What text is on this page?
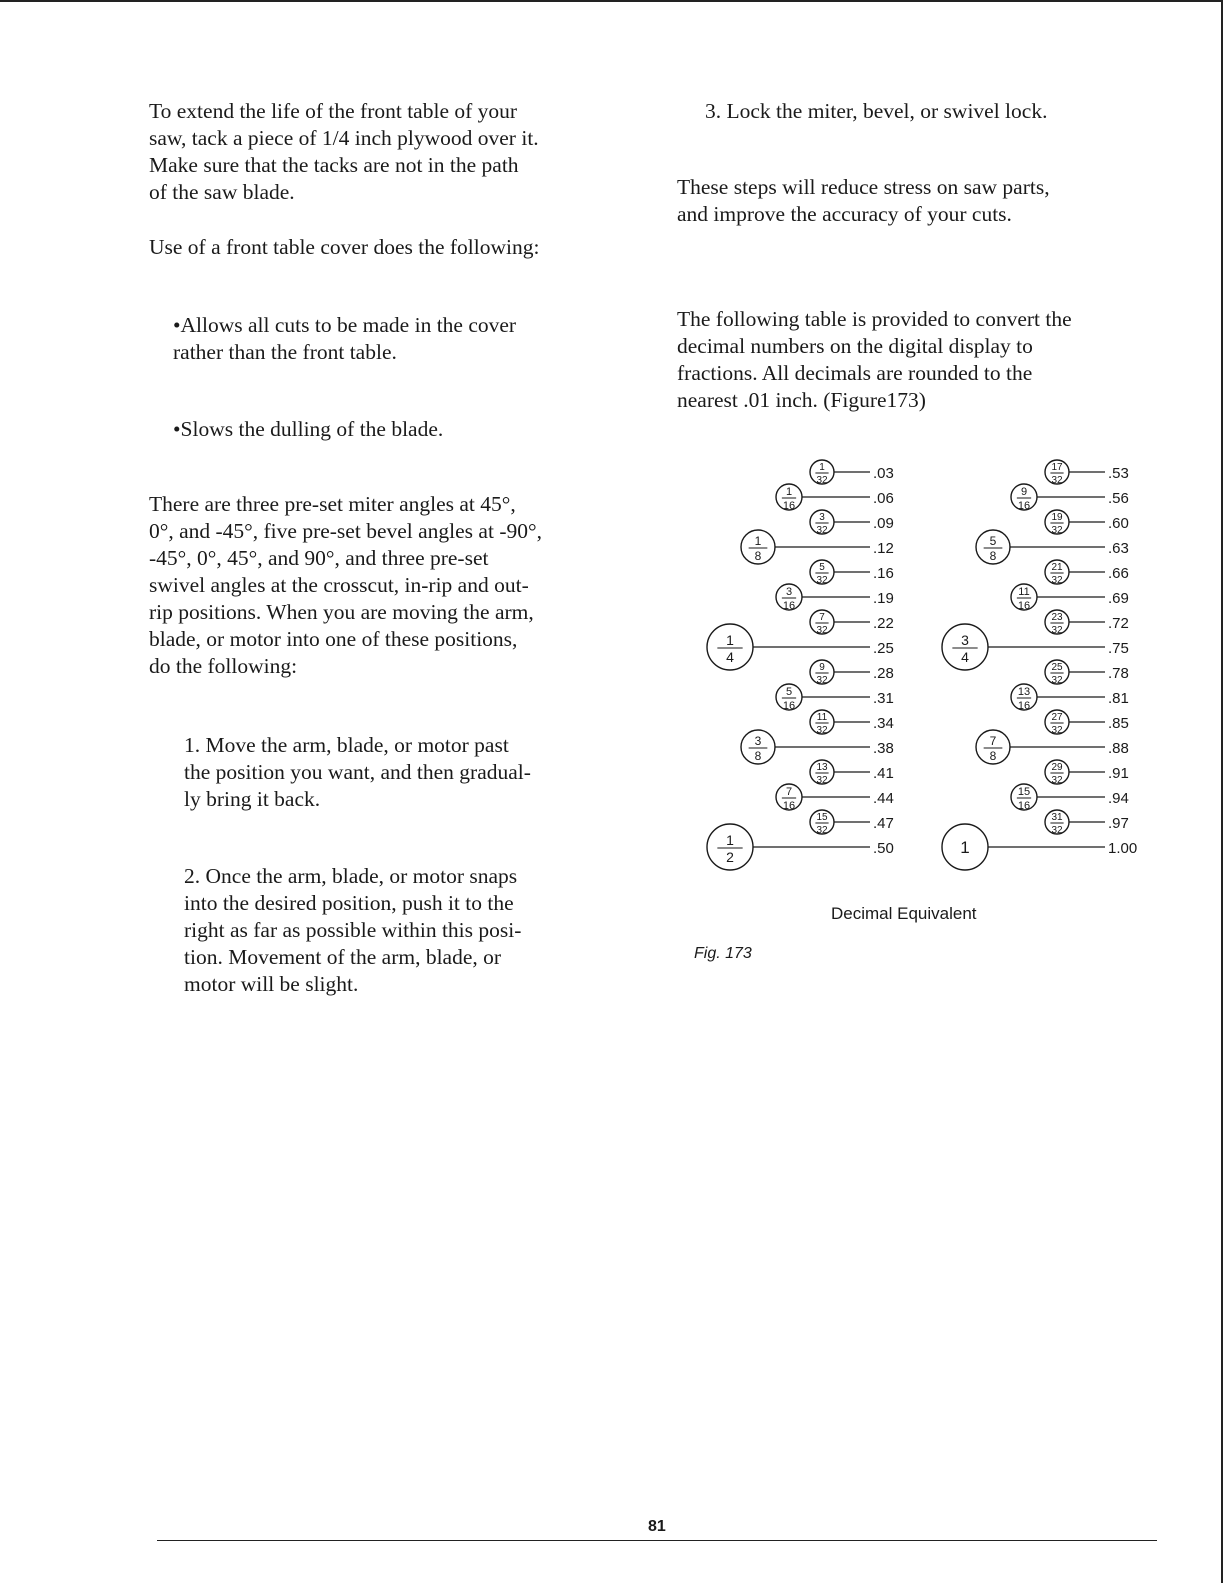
To extend the life of the front table of your
saw, tack a piece of 1/4 inch plywood over it.
Make sure that the tacks are not in the path
of the saw blade.

Use of a front table cover does the following:

•Allows all cuts to be made in the cover
rather than the front table.

•Slows the dulling of the blade.

There are three pre-set miter angles at 45°,
0°, and -45°, five pre-set bevel angles at -90°,
-45°, 0°, 45°, and 90°, and three pre-set
swivel angles at the crosscut, in-rip and out-
rip positions. When you are moving the arm,
blade, or motor into one of these positions,
do the following:

1. Move the arm, blade, or motor past
the position you want, and then gradual-
ly bring it back.

2. Once the arm, blade, or motor snaps
into the desired position, push it to the
right as far as possible within this posi-
tion. Movement of the arm, blade, or
motor will be slight.

3. Lock the miter, bevel, or swivel lock.

These steps will reduce stress on saw parts,
and improve the accuracy of your cuts.

The following table is provided to convert the
decimal numbers on the digital display to
fractions. All decimals are rounded to the
nearest .01 inch. (Figure173)

1
32	.03
1
16	.06
3
32	.09
1
8	.12
5
32	.16
3
16	.19
7
32	.22
1
4	.25
9
32	.28
5
16	.31
11
32	.34
3
8	.38
13
32	.41
7
16	.44
15
32	.47
1
2	.50
17
32	.53
9
16	.56
19
32	.60
5
8	.63
21
32	.66
11
16	.69
23
32	.72
3
4	.75
25
32	.78
13
16	.81
27
32	.85
7
8	.88
29
32	.91
15
16	.94
31
32	.97
1	1.00
Decimal Equivalent
Fig. 173
81
